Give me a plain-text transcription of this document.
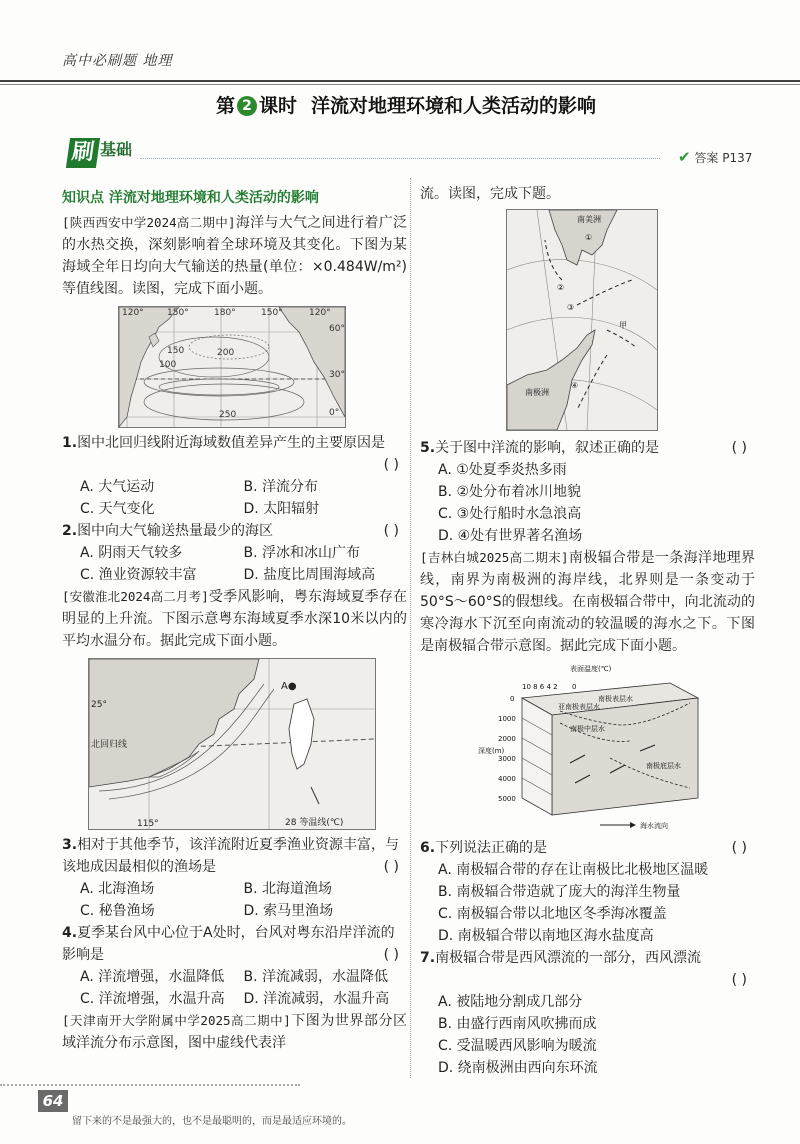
高中必刷题 地理
第 2 课时 洋流对地理环境和人类活动的影响
刷 基础	✔ 答案 P137
知识点 洋流对地理环境和人类活动的影响
[陕西西安中学2024高二期中]海洋与大气之间进行着广泛的水热交换，深刻影响着全球环境及其变化。下图为某海域全年日均向大气输送的热量(单位：×0.484W/m²)等值线图。读图，完成下面小题。
120°	150°	180°	150°	120°
60°
30°
0°
150	200
100
250
1.图中北回归线附近海域数值差异产生的主要原因是
( )
A. 大气运动	B. 洋流分布
C. 天气变化	D. 太阳辐射
2.图中向大气输送热量最少的海区	( )
A. 阴雨天气较多	B. 浮冰和冰山广布
C. 渔业资源较丰富	D. 盐度比周围海域高
[安徽淮北2024高二月考]受季风影响，粤东海域夏季存在明显的上升流。下图示意粤东海域夏季水深10米以内的平均水温分布。据此完成下面小题。
A●
25°
北回归线
115°	28 等温线(℃)
3.相对于其他季节，该洋流附近夏季渔业资源丰富，与该地成因最相似的渔场是	( )
A. 北海渔场	B. 北海道渔场
C. 秘鲁渔场	D. 索马里渔场
4.夏季某台风中心位于A处时，台风对粤东沿岸洋流的影响是	( )
A. 洋流增强，水温降低	B. 洋流减弱，水温降低
C. 洋流增强，水温升高	D. 洋流减弱，水温升高
[天津南开大学附属中学2025高二期中]下图为世界部分区域洋流分布示意图，图中虚线代表洋
流。读图，完成下题。
南美洲
南极洲
甲
①
②
③
④
5.关于图中洋流的影响，叙述正确的是	( )
A. ①处夏季炎热多雨
B. ②处分布着冰川地貌
C. ③处行船时水急浪高
D. ④处有世界著名渔场
[吉林白城2025高二期末]南极辐合带是一条海洋地理界线，南界为南极洲的海岸线，北界则是一条变动于50°S～60°S的假想线。在南极辐合带中，向北流动的寒冷海水下沉至向南流动的较温暖的海水之下。下图是南极辐合带示意图。据此完成下面小题。
表面温度(℃)
10 8 6 4 2 0
深度(m)
0
1000
2000
3000
4000
5000
南极表层水
亚南极表层水
南极底层水
南极中层水
海水流向
6.下列说法正确的是	( )
A. 南极辐合带的存在让南极比北极地区温暖
B. 南极辐合带造就了庞大的海洋生物量
C. 南极辐合带以北地区冬季海冰覆盖
D. 南极辐合带以南地区海水盐度高
7.南极辐合带是西风漂流的一部分，西风漂流
( )
A. 被陆地分割成几部分
B. 由盛行西南风吹拂而成
C. 受温暖西风影响为暖流
D. 绕南极洲由西向东环流
64
留下来的不是最强大的，也不是最聪明的，而是最适应环境的。
